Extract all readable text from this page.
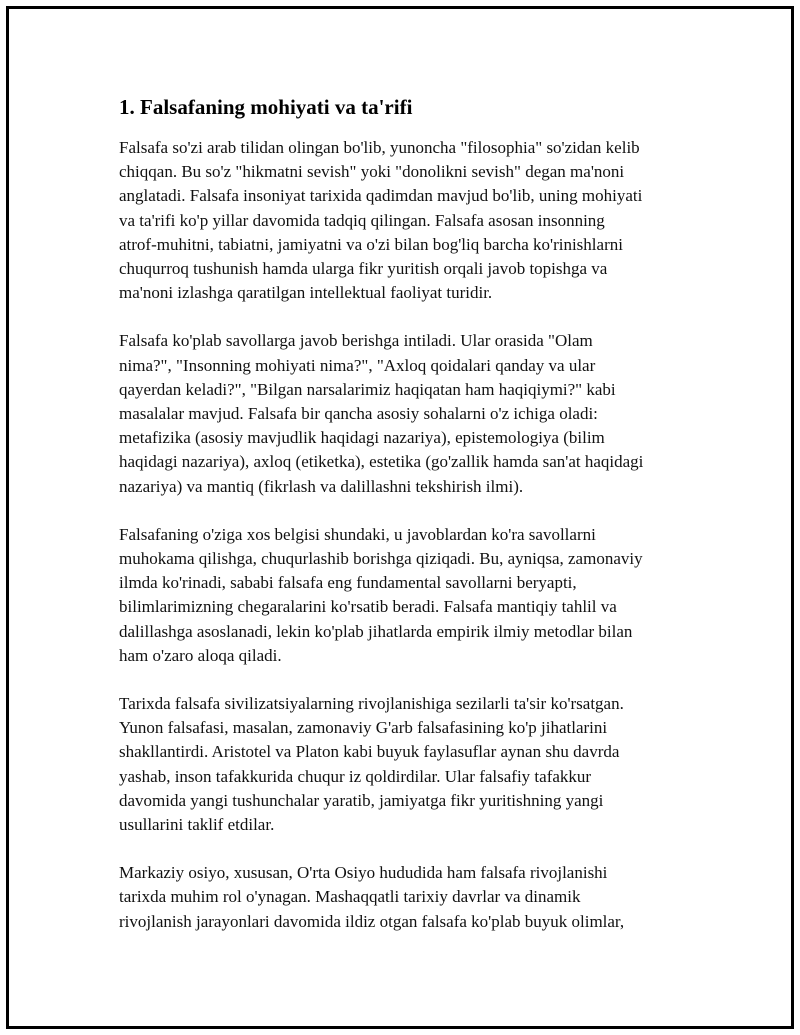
1. Falsafaning mohiyati va ta'rifi

Falsafa so'zi arab tilidan olingan bo'lib, yunoncha "filosophia" so'zidan kelib
chiqqan. Bu so'z "hikmatni sevish" yoki "donolikni sevish" degan ma'noni
anglatadi. Falsafa insoniyat tarixida qadimdan mavjud bo'lib, uning mohiyati
va ta'rifi ko'p yillar davomida tadqiq qilingan. Falsafa asosan insonning
atrof-muhitni, tabiatni, jamiyatni va o'zi bilan bog'liq barcha ko'rinishlarni
chuqurroq tushunish hamda ularga fikr yuritish orqali javob topishga va
ma'noni izlashga qaratilgan intellektual faoliyat turidir.

Falsafa ko'plab savollarga javob berishga intiladi. Ular orasida "Olam
nima?", "Insonning mohiyati nima?", "Axloq qoidalari qanday va ular
qayerdan keladi?", "Bilgan narsalarimiz haqiqatan ham haqiqiymi?" kabi
masalalar mavjud. Falsafa bir qancha asosiy sohalarni o'z ichiga oladi:
metafizika (asosiy mavjudlik haqidagi nazariya), epistemologiya (bilim
haqidagi nazariya), axloq (etiketka), estetika (go'zallik hamda san'at haqidagi
nazariya) va mantiq (fikrlash va dalillashni tekshirish ilmi).

Falsafaning o'ziga xos belgisi shundaki, u javoblardan ko'ra savollarni
muhokama qilishga, chuqurlashib borishga qiziqadi. Bu, ayniqsa, zamonaviy
ilmda ko'rinadi, sababi falsafa eng fundamental savollarni beryapti,
bilimlarimizning chegaralarini ko'rsatib beradi. Falsafa mantiqiy tahlil va
dalillashga asoslanadi, lekin ko'plab jihatlarda empirik ilmiy metodlar bilan
ham o'zaro aloqa qiladi.

Tarixda falsafa sivilizatsiyalarning rivojlanishiga sezilarli ta'sir ko'rsatgan.
Yunon falsafasi, masalan, zamonaviy G'arb falsafasining ko'p jihatlarini
shakllantirdi. Aristotel va Platon kabi buyuk faylasuflar aynan shu davrda
yashab, inson tafakkurida chuqur iz qoldirdilar. Ular falsafiy tafakkur
davomida yangi tushunchalar yaratib, jamiyatga fikr yuritishning yangi
usullarini taklif etdilar.

Markaziy osiyo, xususan, O'rta Osiyo hududida ham falsafa rivojlanishi
tarixda muhim rol o'ynagan. Mashaqqatli tarixiy davrlar va dinamik
rivojlanish jarayonlari davomida ildiz otgan falsafa ko'plab buyuk olimlar,
